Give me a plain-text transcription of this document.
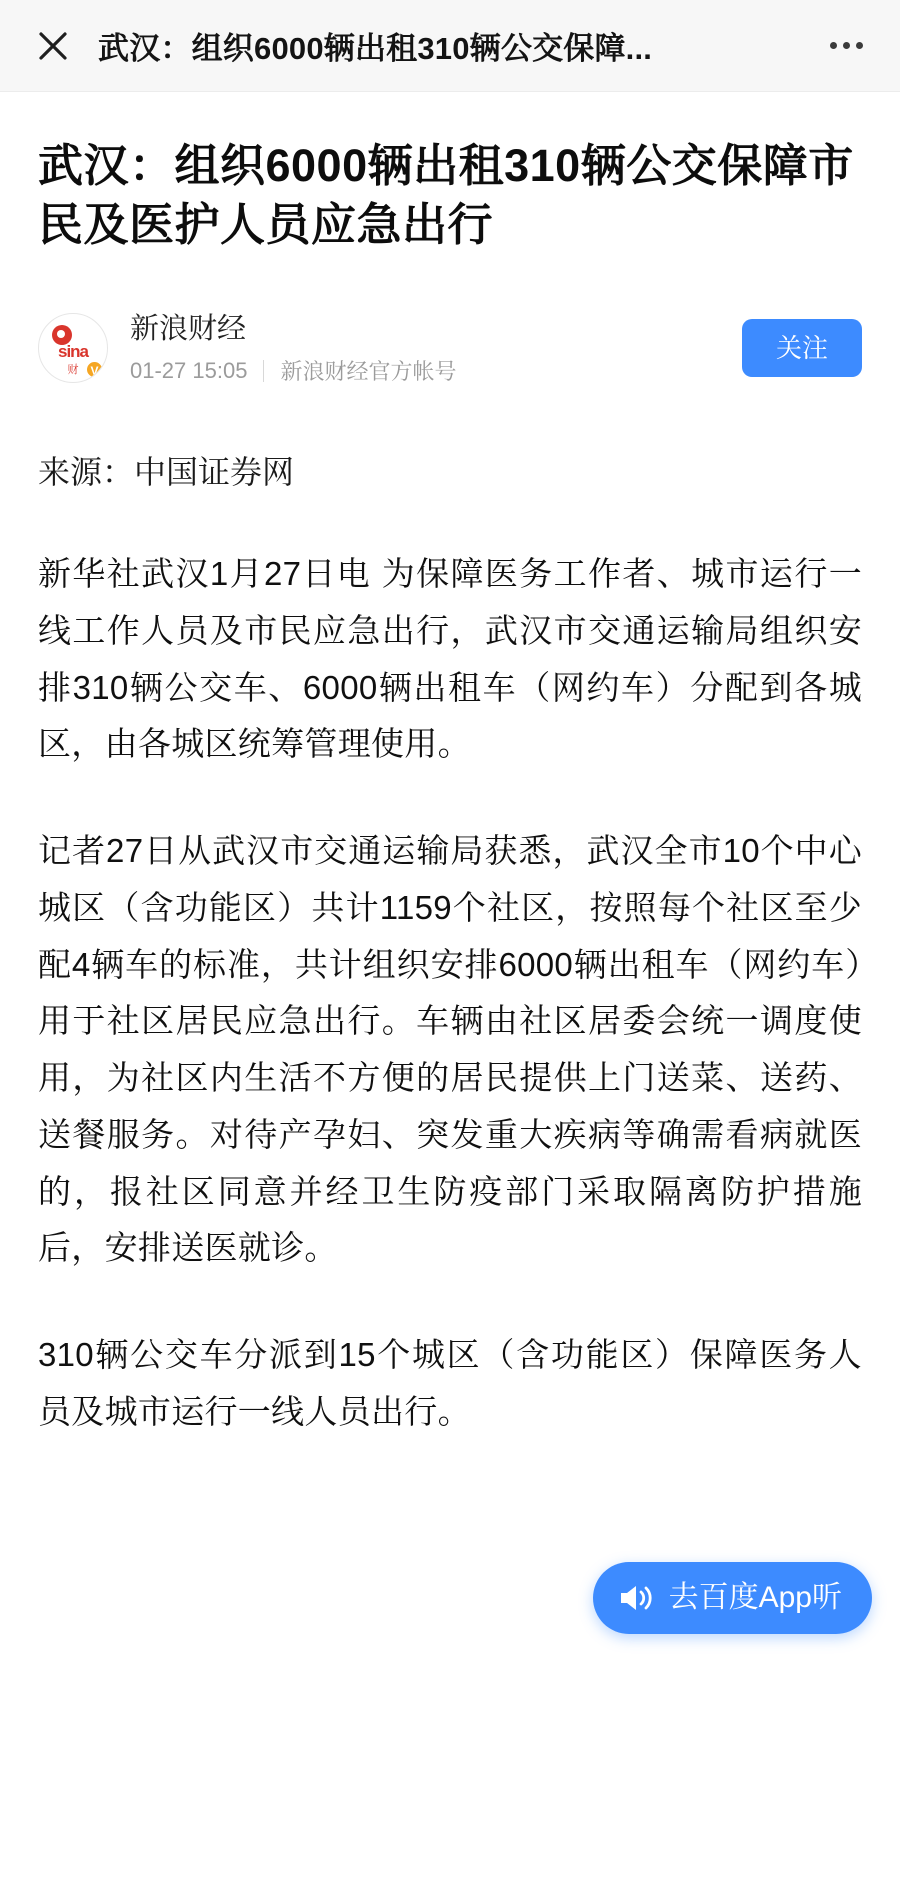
武汉：组织6000辆出租310辆公交保障...
武汉：组织6000辆出租310辆公交保障市民及医护人员应急出行
sina
财 V
新浪财经
01-27 15:05 新浪财经官方帐号
关注
来源：中国证券网

新华社武汉1月27日电 为保障医务工作者、城市运行一线工作人员及市民应急出行，武汉市交通运输局组织安排310辆公交车、6000辆出租车（网约车）分配到各城区，由各城区统筹管理使用。

记者27日从武汉市交通运输局获悉，武汉全市10个中心城区（含功能区）共计1159个社区，按照每个社区至少配4辆车的标准，共计组织安排6000辆出租车（网约车）用于社区居民应急出行。车辆由社区居委会统一调度使用，为社区内生活不方便的居民提供上门送菜、送药、送餐服务。对待产孕妇、突发重大疾病等确需看病就医的，报社区同意并经卫生防疫部门采取隔离防护措施后，安排送医就诊。

310辆公交车分派到15个城区（含功能区）保障医务人员及城市运行一线人员出行。

去百度App听
